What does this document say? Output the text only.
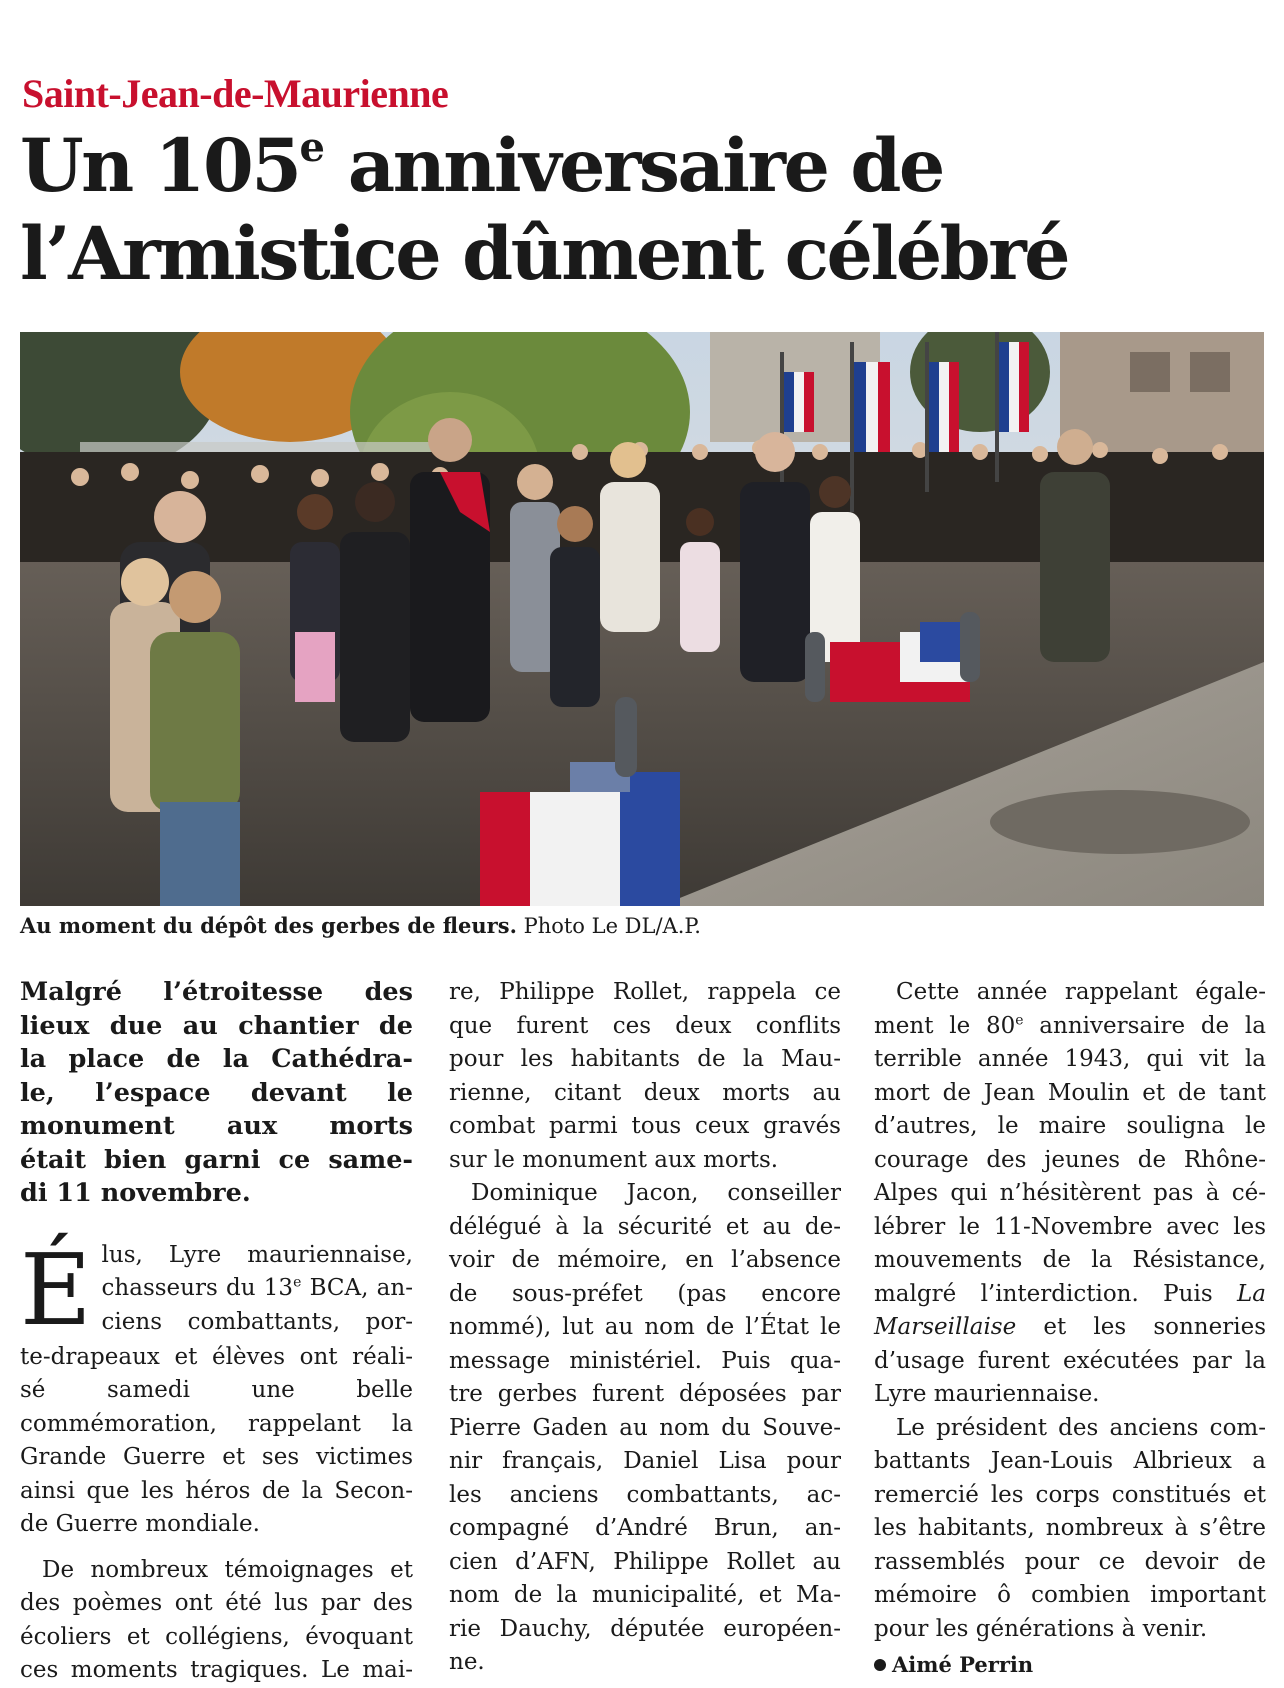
Saint-Jean-de-Maurienne
Un 105e anniversaire de
l’Armistice dûment célébré

Au moment du dépôt des gerbes de fleurs. Photo Le DL/A.P.

Malgré l’étroitesse des
lieux due au chantier de
la place de la Cathédra-
le, l’espace devant le
monument aux morts
était bien garni ce same-
di 11 novembre.
É lus, Lyre mauriennaise,
chasseurs du 13e BCA, an-
ciens combattants, por-
te-drapeaux et élèves ont réali-
sé samedi une belle
commémoration, rappelant la
Grande Guerre et ses victimes
ainsi que les héros de la Secon-
de Guerre mondiale.
De nombreux témoignages et
des poèmes ont été lus par des
écoliers et collégiens, évoquant
ces moments tragiques. Le mai-
re, Philippe Rollet, rappela ce
que furent ces deux conflits
pour les habitants de la Mau-
rienne, citant deux morts au
combat parmi tous ceux gravés
sur le monument aux morts.
Dominique Jacon, conseiller
délégué à la sécurité et au de-
voir de mémoire, en l’absence
de sous-préfet (pas encore
nommé), lut au nom de l’État le
message ministériel. Puis qua-
tre gerbes furent déposées par
Pierre Gaden au nom du Souve-
nir français, Daniel Lisa pour
les anciens combattants, ac-
compagné d’André Brun, an-
cien d’AFN, Philippe Rollet au
nom de la municipalité, et Ma-
rie Dauchy, députée européen-
ne.
Cette année rappelant égale-
ment le 80e anniversaire de la
terrible année 1943, qui vit la
mort de Jean Moulin et de tant
d’autres, le maire souligna le
courage des jeunes de Rhône-
Alpes qui n’hésitèrent pas à cé-
lébrer le 11-Novembre avec les
mouvements de la Résistance,
malgré l’interdiction. Puis La
Marseillaise et les sonneries
d’usage furent exécutées par la
Lyre mauriennaise.
Le président des anciens com-
battants Jean-Louis Albrieux a
remercié les corps constitués et
les habitants, nombreux à s’être
rassemblés pour ce devoir de
mémoire ô combien important
pour les générations à venir.
Aimé Perrin
